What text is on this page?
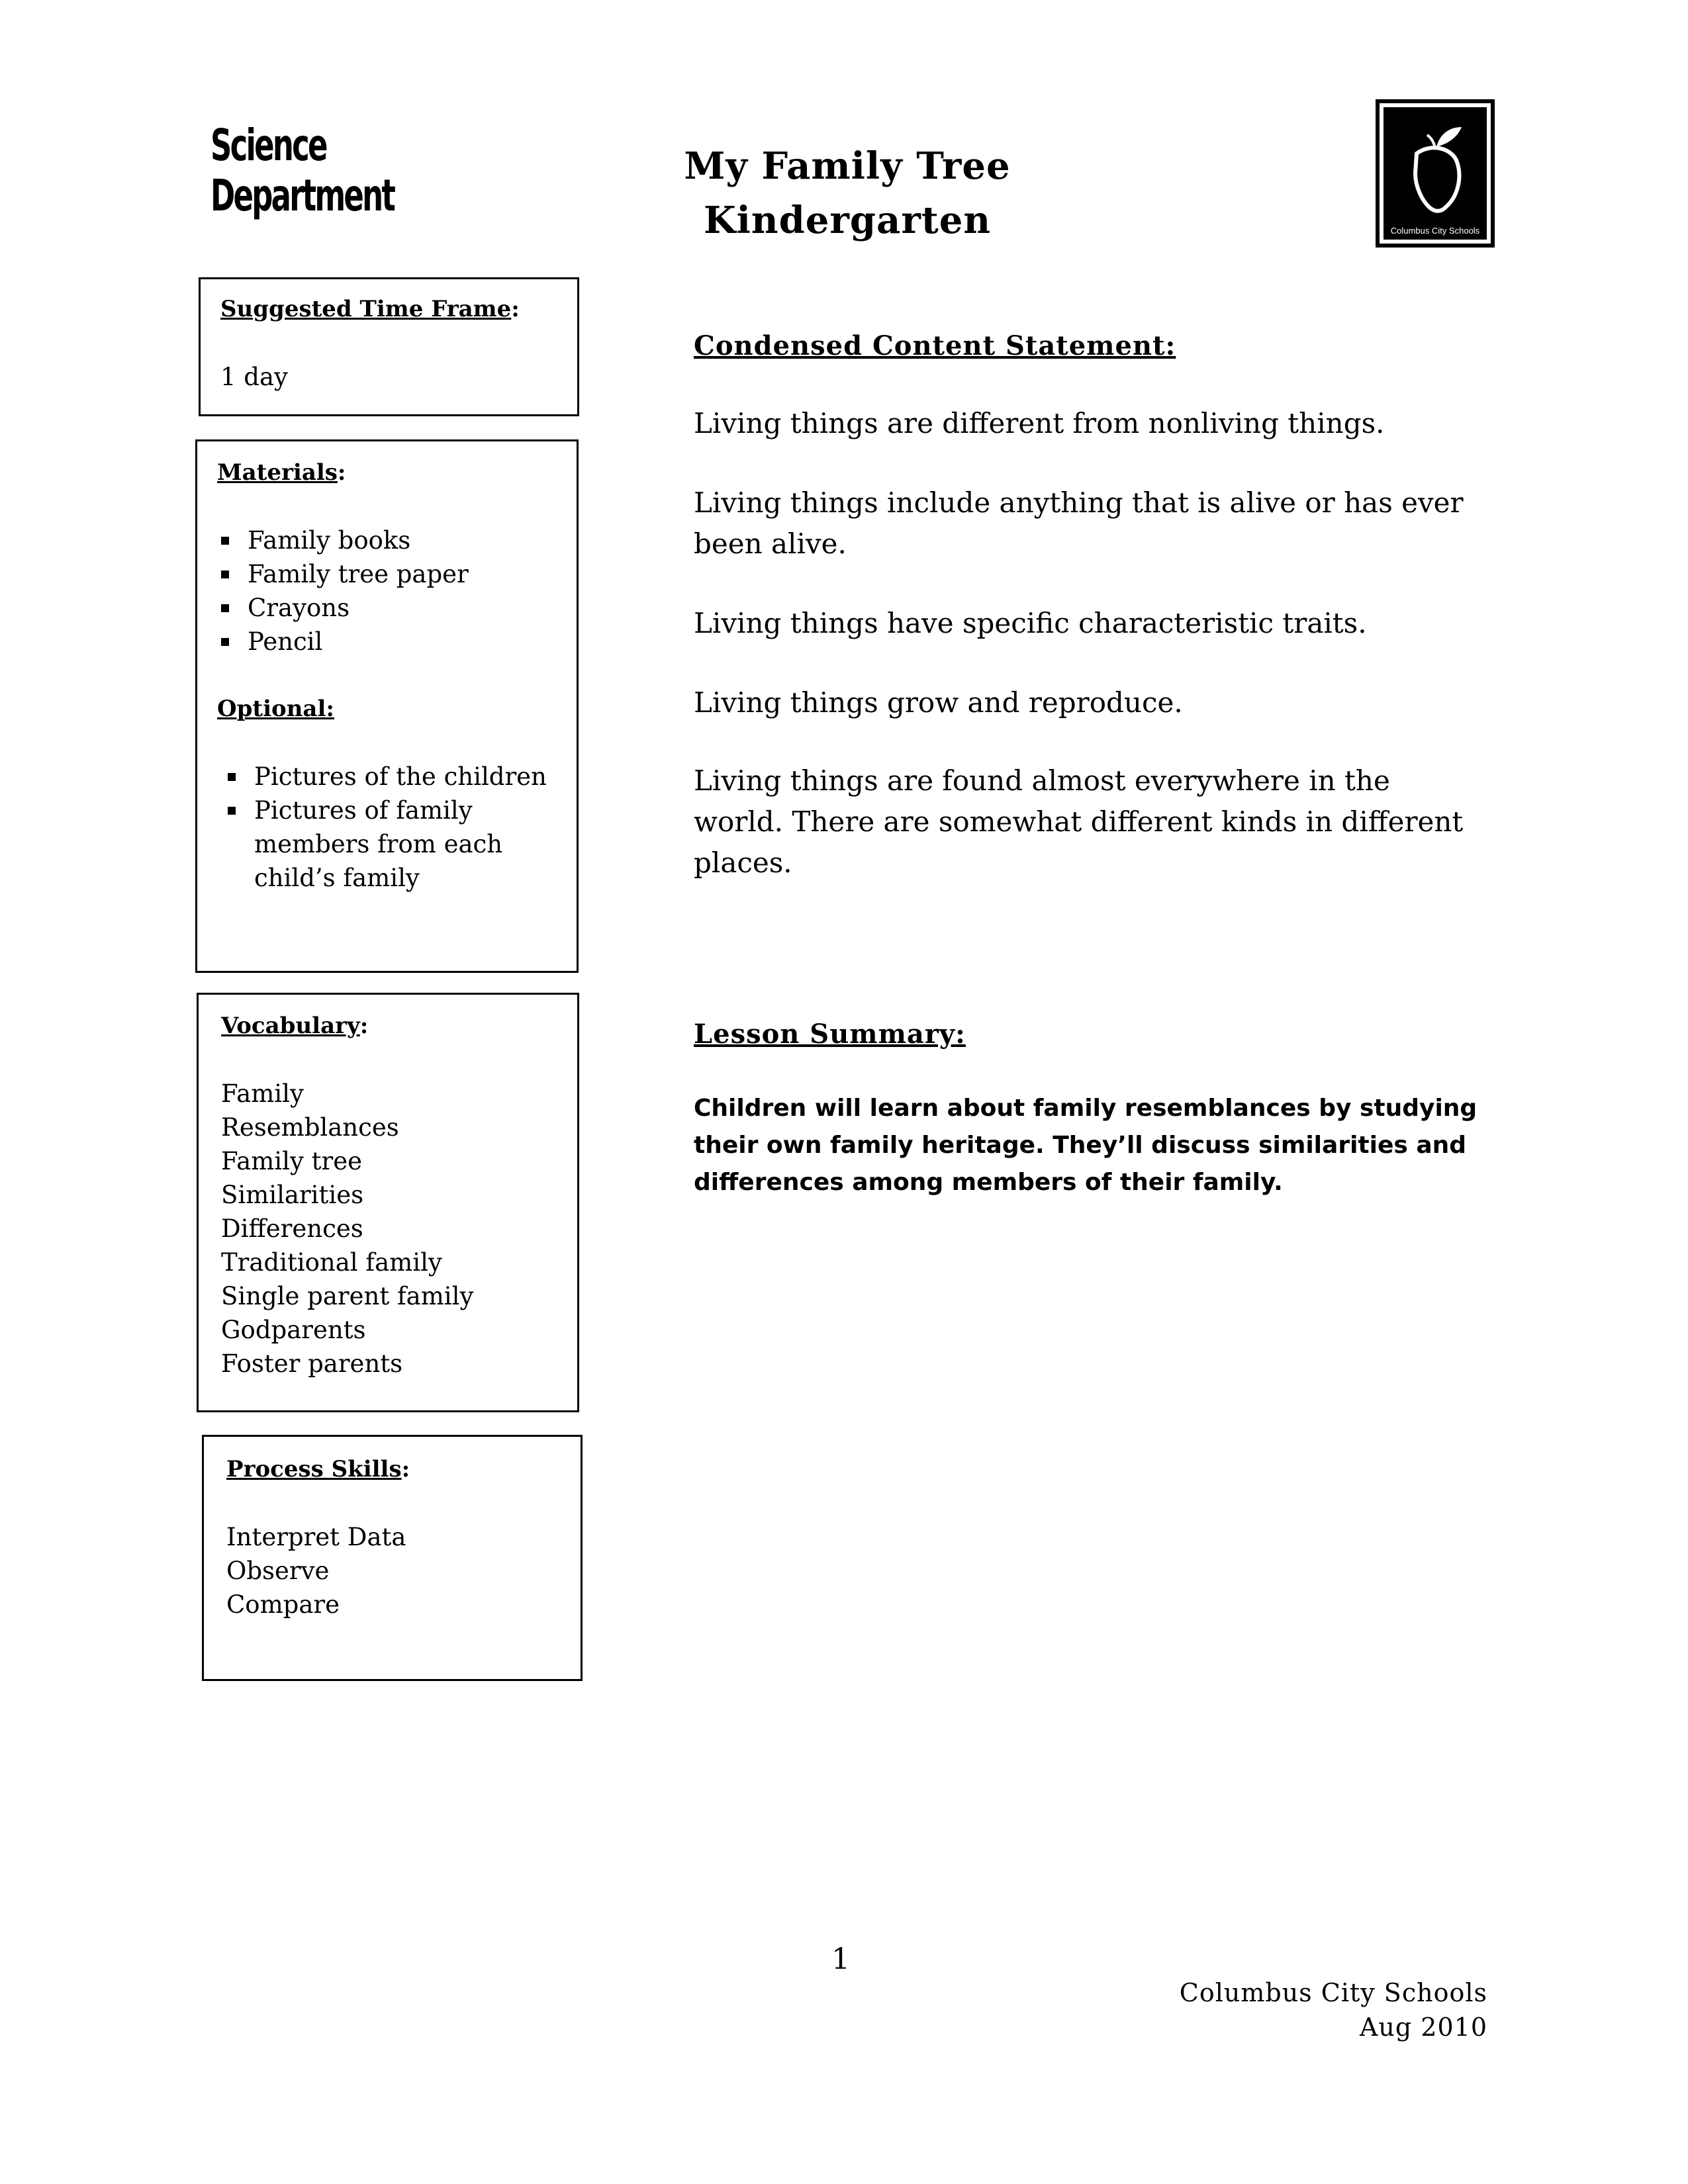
Science
Department
My Family Tree
Kindergarten	Columbus City Schools
Suggested Time Frame:
1 day
Materials:
Family books
Family tree paper
Crayons
Pencil
Optional:
Pictures of the children
Pictures of family members from each child’s family
Vocabulary:
Family
Resemblances
Family tree
Similarities
Differences
Traditional family
Single parent family
Godparents
Foster parents
Process Skills:
Interpret Data
Observe
Compare
Condensed Content Statement:

Living things are different from nonliving things.

Living things include anything that is alive or has ever been alive.

Living things have specific characteristic traits.

Living things grow and reproduce.

Living things are found almost everywhere in the world. There are somewhat different kinds in different places.

Lesson Summary:
Children will learn about family resemblances by studying their own family heritage. They’ll discuss similarities and differences among members of their family.
1
Columbus City Schools
Aug 2010
